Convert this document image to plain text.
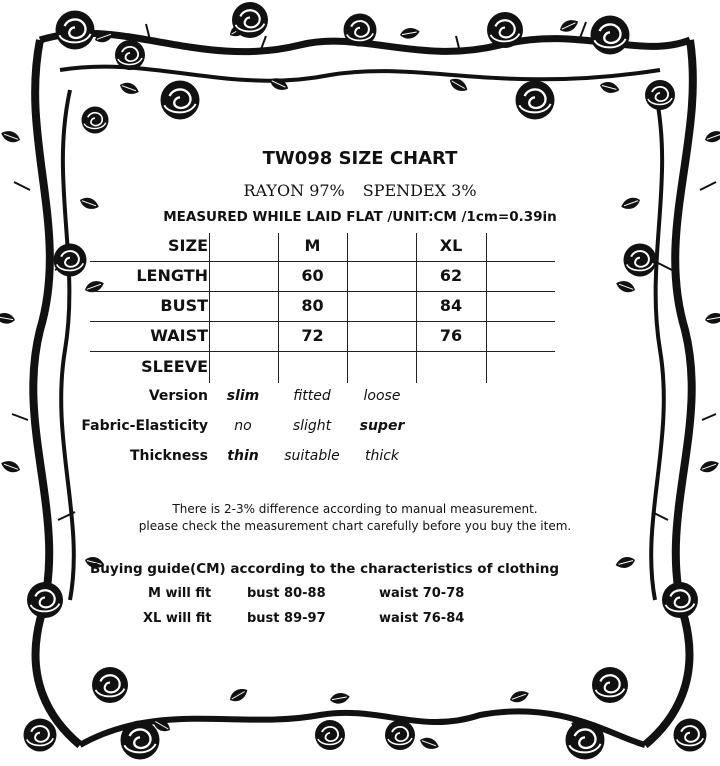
TW098 SIZE CHART
RAYON 97% SPENDEX 3%
MEASURED WHILE LAID FLAT /UNIT:CM /1cm=0.39in
SIZE	M	XL
LENGTH	60	62
BUST	80	84
WAIST	72	76
SLEEVE
Version	slim	fitted	loose
Fabric-Elasticity	no	slight	super
Thickness	thin	suitable	thick
There is 2-3% difference according to manual measurement.
please check the measurement chart carefully before you buy the item.
Buying guide(CM) according to the characteristics of clothing
M will fit	bust 80-88	waist 70-78
XL will fit	bust 89-97	waist 76-84
